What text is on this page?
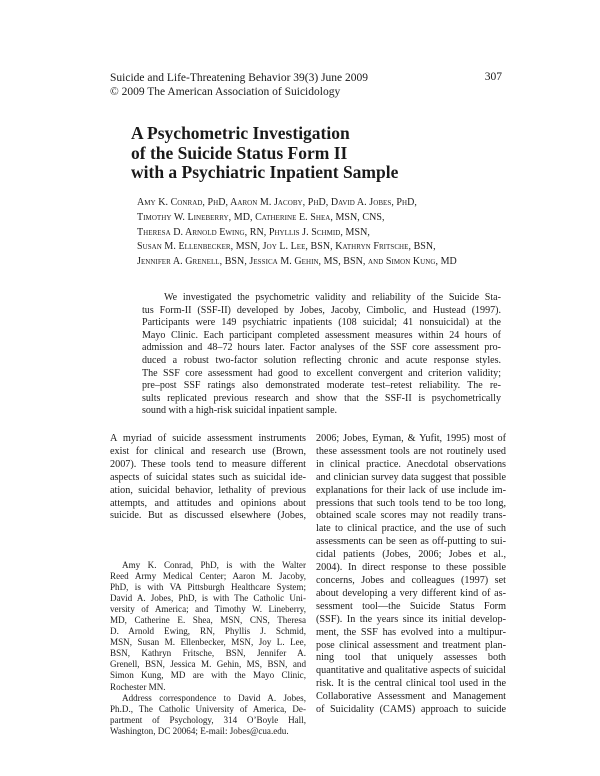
Suicide and Life-Threatening Behavior 39(3) June 2009
© 2009 The American Association of Suicidology
307
A Psychometric Investigation
of the Suicide Status Form II
with a Psychiatric Inpatient Sample
Amy K. Conrad, PhD, Aaron M. Jacoby, PhD, David A. Jobes, PhD,
Timothy W. Lineberry, MD, Catherine E. Shea, MSN, CNS,
Theresa D. Arnold Ewing, RN, Phyllis J. Schmid, MSN,
Susan M. Ellenbecker, MSN, Joy L. Lee, BSN, Kathryn Fritsche, BSN,
Jennifer A. Grenell, BSN, Jessica M. Gehin, MS, BSN, and Simon Kung, MD
We investigated the psychometric validity and reliability of the Suicide Sta-
tus Form-II (SSF-II) developed by Jobes, Jacoby, Cimbolic, and Hustead (1997).
Participants were 149 psychiatric inpatients (108 suicidal; 41 nonsuicidal) at the
Mayo Clinic. Each participant completed assessment measures within 24 hours of
admission and 48–72 hours later. Factor analyses of the SSF core assessment pro-
duced a robust two-factor solution reflecting chronic and acute response styles.
The SSF core assessment had good to excellent convergent and criterion validity;
pre–post SSF ratings also demonstrated moderate test–retest reliability. The re-
sults replicated previous research and show that the SSF-II is psychometrically
sound with a high-risk suicidal inpatient sample.
A myriad of suicide assessment instruments
exist for clinical and research use (Brown,
2007). These tools tend to measure different
aspects of suicidal states such as suicidal ide-
ation, suicidal behavior, lethality of previous
attempts, and attitudes and opinions about
suicide. But as discussed elsewhere (Jobes,
Amy K. Conrad, PhD, is with the Walter
Reed Army Medical Center; Aaron M. Jacoby,
PhD, is with VA Pittsburgh Healthcare System;
David A. Jobes, PhD, is with The Catholic Uni-
versity of America; and Timothy W. Lineberry,
MD, Catherine E. Shea, MSN, CNS, Theresa
D. Arnold Ewing, RN, Phyllis J. Schmid,
MSN, Susan M. Ellenbecker, MSN, Joy L. Lee,
BSN, Kathryn Fritsche, BSN, Jennifer A.
Grenell, BSN, Jessica M. Gehin, MS, BSN, and
Simon Kung, MD are with the Mayo Clinic,
Rochester MN.
Address correspondence to David A. Jobes,
Ph.D., The Catholic University of America, De-
partment of Psychology, 314 O’Boyle Hall,
Washington, DC 20064; E-mail: Jobes@cua.edu.
2006; Jobes, Eyman, & Yufit, 1995) most of
these assessment tools are not routinely used
in clinical practice. Anecdotal observations
and clinician survey data suggest that possible
explanations for their lack of use include im-
pressions that such tools tend to be too long,
obtained scale scores may not readily trans-
late to clinical practice, and the use of such
assessments can be seen as off-putting to sui-
cidal patients (Jobes, 2006; Jobes et al.,
2004). In direct response to these possible
concerns, Jobes and colleagues (1997) set
about developing a very different kind of as-
sessment tool—the Suicide Status Form
(SSF). In the years since its initial develop-
ment, the SSF has evolved into a multipur-
pose clinical assessment and treatment plan-
ning tool that uniquely assesses both
quantitative and qualitative aspects of suicidal
risk. It is the central clinical tool used in the
Collaborative Assessment and Management
of Suicidality (CAMS) approach to suicide
